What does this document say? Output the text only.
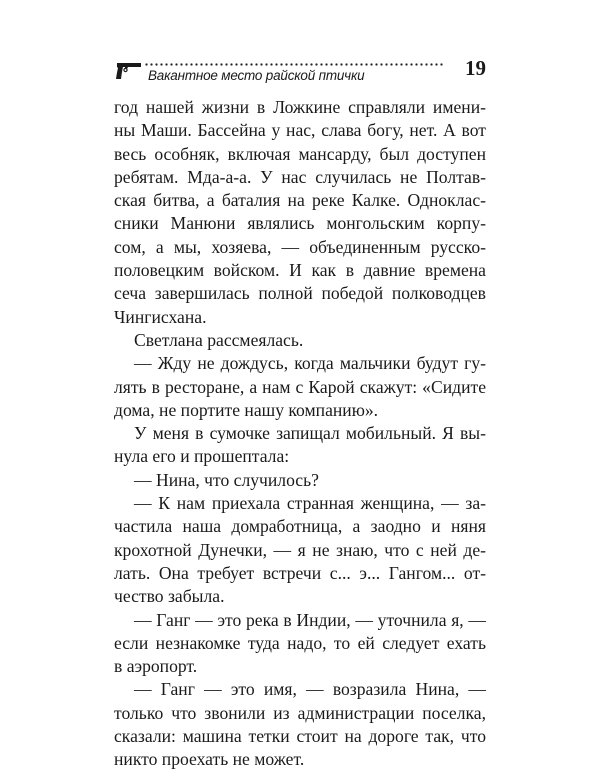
Вакантное место райской птички	19
год нашей жизни в Ложкине справляли имени-
ны Маши. Бассейна у нас, слава богу, нет. А вот
весь особняк, включая мансарду, был доступен
ребятам. Мда-а-а. У нас случилась не Полтав-
ская битва, а баталия на реке Калке. Одноклас-
сники Манюни являлись монгольским корпу-
сом, а мы, хозяева, — объединенным русско-
половецким войском. И как в давние времена
сеча завершилась полной победой полководцев
Чингисхана.
Светлана рассмеялась.
— Жду не дождусь, когда мальчики будут гу-
лять в ресторане, а нам с Карой скажут: «Сидите
дома, не портите нашу компанию».
У меня в сумочке запищал мобильный. Я вы-
нула его и прошептала:
— Нина, что случилось?
— К нам приехала странная женщина, — за-
частила наша домработница, а заодно и няня
крохотной Дунечки, — я не знаю, что с ней де-
лать. Она требует встречи с... э... Гангом... от-
чество забыла.
— Ганг — это река в Индии, — уточнила я, —
если незнакомке туда надо, то ей следует ехать
в аэропорт.
— Ганг — это имя, — возразила Нина, —
только что звонили из администрации поселка,
сказали: машина тетки стоит на дороге так, что
никто проехать не может.
